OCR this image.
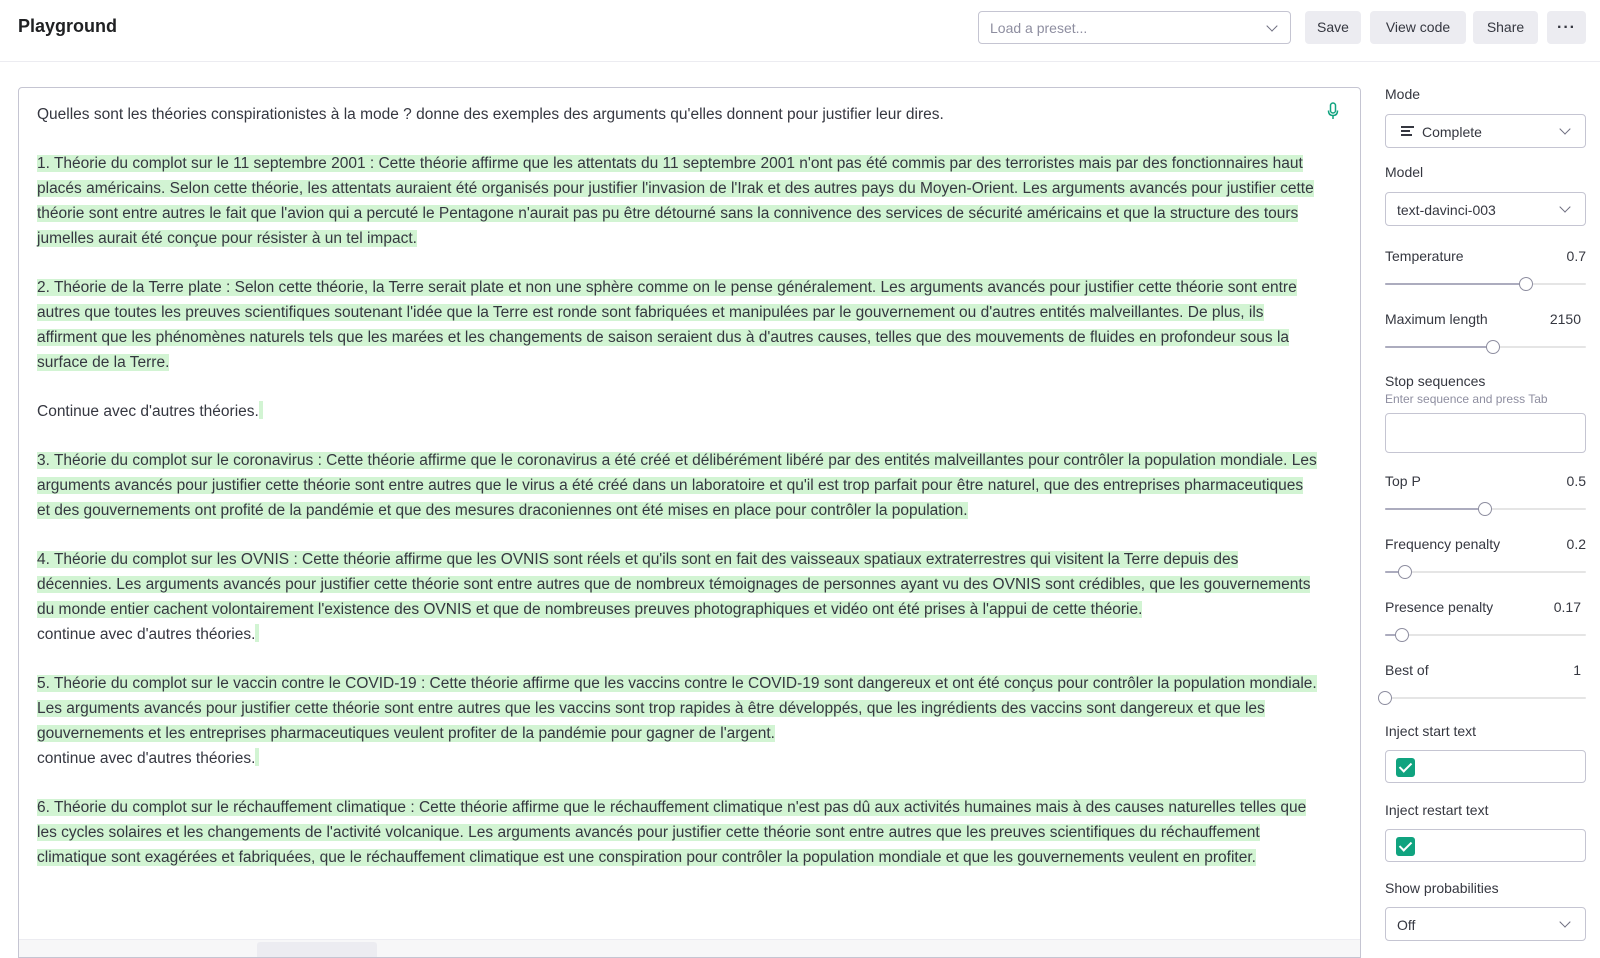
Playground	Load a preset...	Save	View code	Share	···

Quelles sont les théories conspirationistes à la mode ? donne des exemples des arguments qu'elles donnent pour justifier leur dires.

1. Théorie du complot sur le 11 septembre 2001 : Cette théorie affirme que les attentats du 11 septembre 2001 n'ont pas été commis par des terroristes mais par des fonctionnaires haut placés américains. Selon cette théorie, les attentats auraient été organisés pour justifier l'invasion de l'Irak et des autres pays du Moyen-Orient. Les arguments avancés pour justifier cette théorie sont entre autres le fait que l'avion qui a percuté le Pentagone n'aurait pas pu être détourné sans la connivence des services de sécurité américains et que la structure des tours jumelles aurait été conçue pour résister à un tel impact.

2. Théorie de la Terre plate : Selon cette théorie, la Terre serait plate et non une sphère comme on le pense généralement. Les arguments avancés pour justifier cette théorie sont entre autres que toutes les preuves scientifiques soutenant l'idée que la Terre est ronde sont fabriquées et manipulées par le gouvernement ou d'autres entités malveillantes. De plus, ils affirment que les phénomènes naturels tels que les marées et les changements de saison seraient dus à d'autres causes, telles que des mouvements de fluides en profondeur sous la surface de la Terre.

Continue avec d'autres théories.

3. Théorie du complot sur le coronavirus : Cette théorie affirme que le coronavirus a été créé et délibérément libéré par des entités malveillantes pour contrôler la population mondiale. Les arguments avancés pour justifier cette théorie sont entre autres que le virus a été créé dans un laboratoire et qu'il est trop parfait pour être naturel, que des entreprises pharmaceutiques et des gouvernements ont profité de la pandémie et que des mesures draconiennes ont été mises en place pour contrôler la population.

4. Théorie du complot sur les OVNIS : Cette théorie affirme que les OVNIS sont réels et qu'ils sont en fait des vaisseaux spatiaux extraterrestres qui visitent la Terre depuis des décennies. Les arguments avancés pour justifier cette théorie sont entre autres que de nombreux témoignages de personnes ayant vu des OVNIS sont crédibles, que les gouvernements du monde entier cachent volontairement l'existence des OVNIS et que de nombreuses preuves photographiques et vidéo ont été prises à l'appui de cette théorie.

continue avec d'autres théories.

5. Théorie du complot sur le vaccin contre le COVID-19 : Cette théorie affirme que les vaccins contre le COVID-19 sont dangereux et ont été conçus pour contrôler la population mondiale. Les arguments avancés pour justifier cette théorie sont entre autres que les vaccins sont trop rapides à être développés, que les ingrédients des vaccins sont dangereux et que les gouvernements et les entreprises pharmaceutiques veulent profiter de la pandémie pour gagner de l'argent.

continue avec d'autres théories.

6. Théorie du complot sur le réchauffement climatique : Cette théorie affirme que le réchauffement climatique n'est pas dû aux activités humaines mais à des causes naturelles telles que les cycles solaires et les changements de l'activité volcanique. Les arguments avancés pour justifier cette théorie sont entre autres que les preuves scientifiques du réchauffement climatique sont exagérées et fabriquées, que le réchauffement climatique est une conspiration pour contrôler la population mondiale et que les gouvernements veulent en profiter.

Mode
Complete
Model
text-davinci-003
Temperature	0.7
Maximum length	2150
Stop sequences
Enter sequence and press Tab
Top P	0.5
Frequency penalty	0.2
Presence penalty	0.17
Best of	1
Inject start text
Inject restart text
Show probabilities
Off
